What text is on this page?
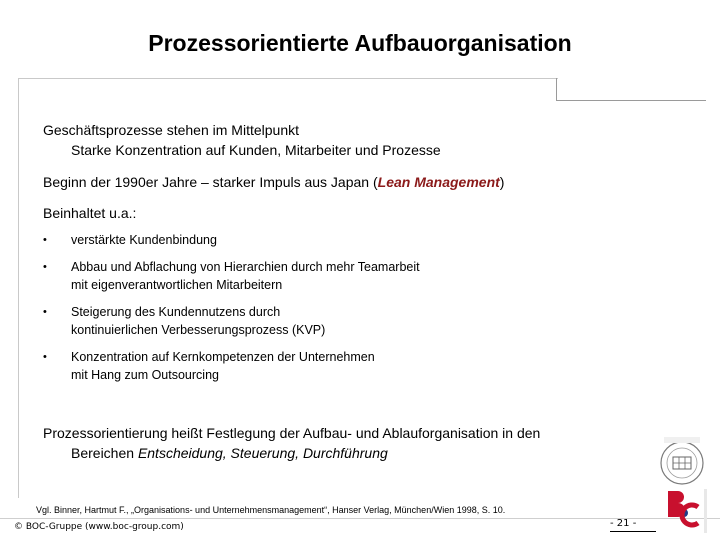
Prozessorientierte Aufbauorganisation
Geschäftsprozesse stehen im Mittelpunkt
Starke Konzentration auf Kunden, Mitarbeiter und Prozesse
Beginn der 1990er Jahre – starker Impuls aus Japan (Lean Management)
Beinhaltet u.a.:
• verstärkte Kundenbindung
• Abbau und Abflachung von Hierarchien durch mehr Teamarbeit
mit eigenverantwortlichen Mitarbeitern
• Steigerung des Kundennutzens durch
kontinuierlichen Verbesserungsprozess (KVP)
• Konzentration auf Kernkompetenzen der Unternehmen
mit Hang zum Outsourcing
Prozessorientierung heißt Festlegung der Aufbau- und Ablauforganisation in den
Bereichen Entscheidung, Steuerung, Durchführung
Vgl. Binner, Hartmut F., „Organisations- und Unternehmensmanagement“, Hanser Verlag, München/Wien 1998, S. 10.
© BOC-Gruppe (www.boc-group.com)	- 21 -
